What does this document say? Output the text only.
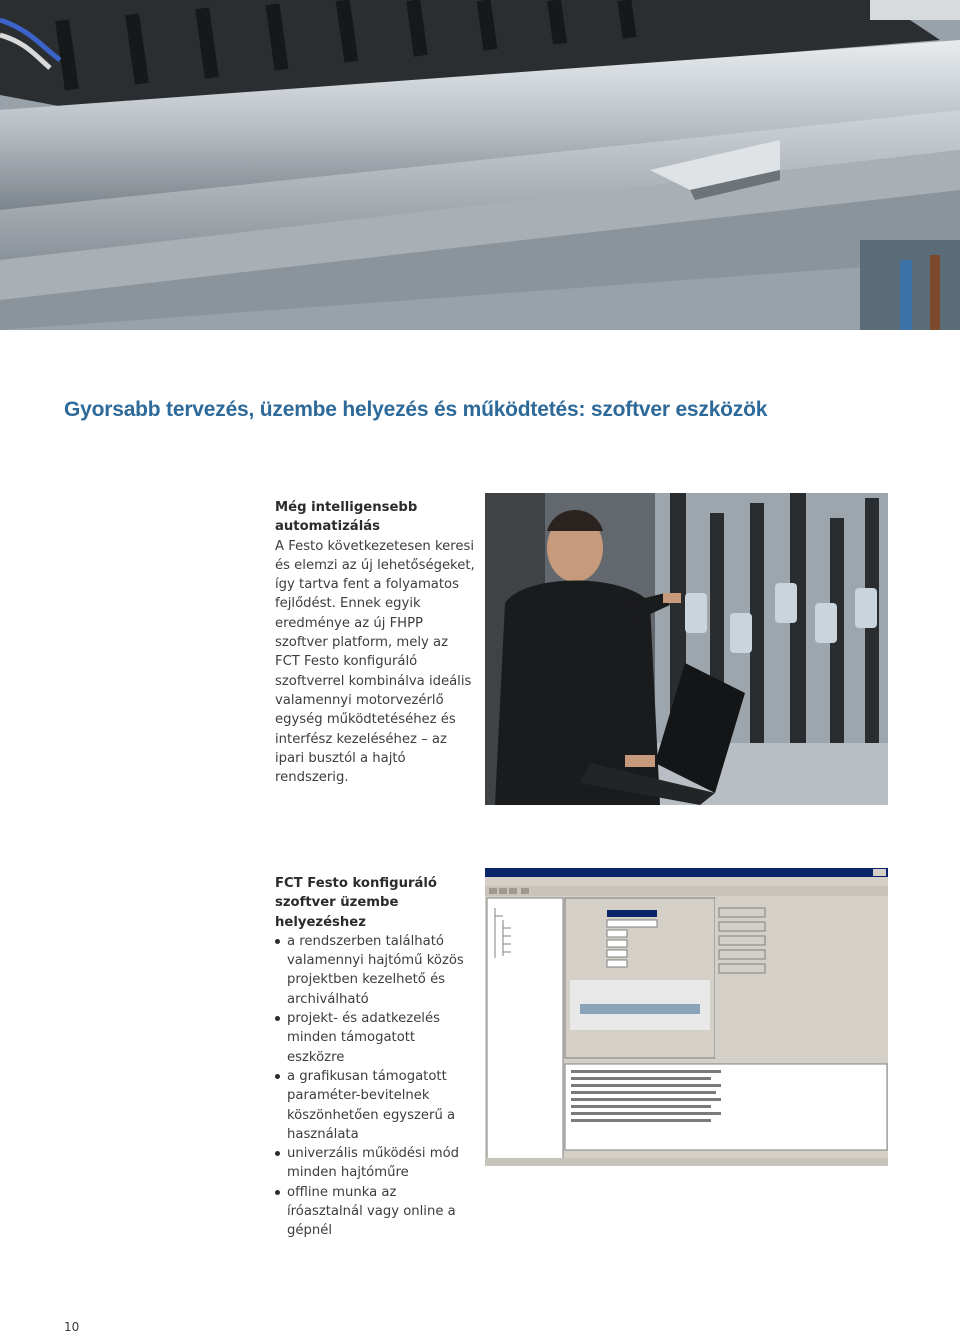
Gyorsabb tervezés, üzembe helyezés és működtetés: szoftver eszközök
Még intelligensebb automatizálás
A Festo következetesen keresi és elemzi az új lehetőségeket, így tartva fent a folyamatos fejlődést. Ennek egyik eredménye az új FHPP szoftver platform, mely az FCT Festo konfiguráló szoftverrel kombinálva ideális valamennyi motorvezérlő egység működtetéséhez és interfész kezeléséhez – az ipari busztól a hajtó rendszerig.
FCT Festo konfiguráló szoftver üzembe helyezéshez
a rendszerben található valamennyi hajtómű közös projektben kezelhető és archiválható
projekt- és adatkezelés minden támogatott eszközre
a grafikusan támogatott paraméter-bevitelnek köszönhetően egyszerű a használata
univerzális működési mód minden hajtóműre
offline munka az íróasztalnál vagy online a gépnél
10
